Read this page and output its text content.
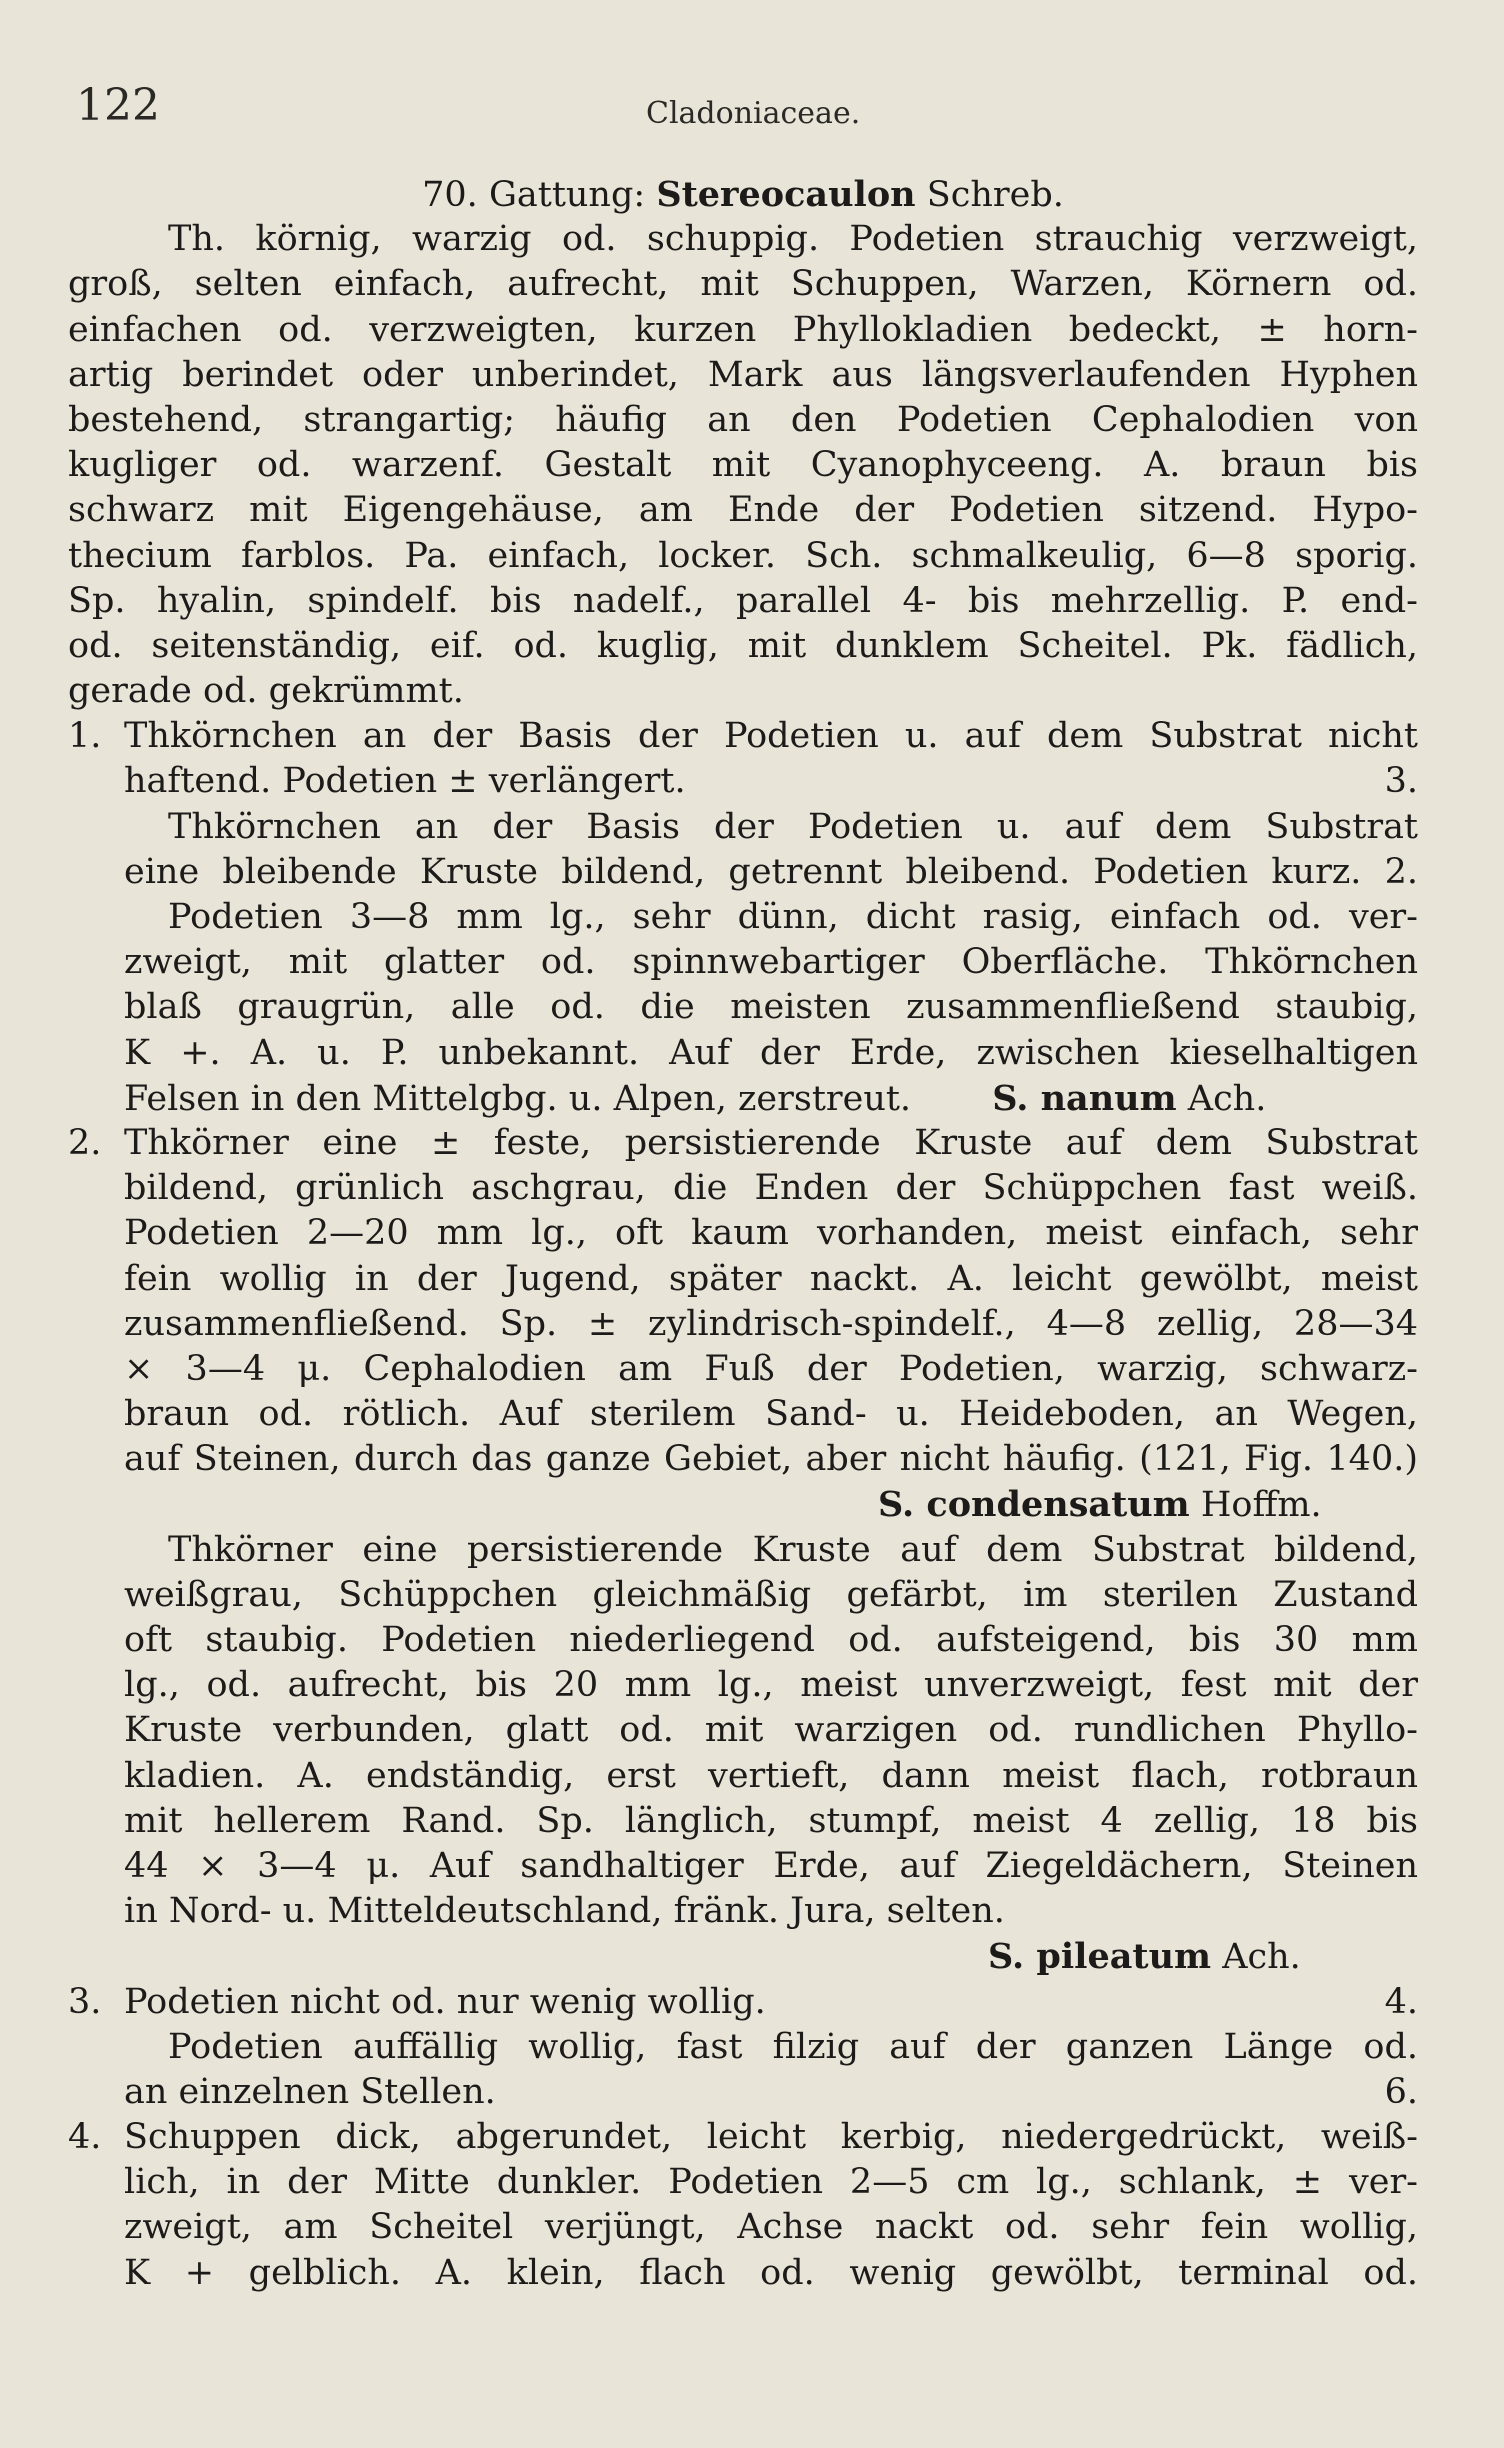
122	Cladoniaceae.
70. Gattung: Stereocaulon Schreb.
Th. körnig, warzig od. schuppig. Podetien strauchig verzweigt,
groß, selten einfach, aufrecht, mit Schuppen, Warzen, Körnern od.
einfachen od. verzweigten, kurzen Phyllokladien bedeckt, ± horn-
artig berindet oder unberindet, Mark aus längsverlaufenden Hyphen
bestehend, strangartig; häufig an den Podetien Cephalodien von
kugliger od. warzenf. Gestalt mit Cyanophyceeng. A. braun bis
schwarz mit Eigengehäuse, am Ende der Podetien sitzend. Hypo-
thecium farblos. Pa. einfach, locker. Sch. schmalkeulig, 6—8 sporig.
Sp. hyalin, spindelf. bis nadelf., parallel 4- bis mehrzellig. P. end-
od. seitenständig, eif. od. kuglig, mit dunklem Scheitel. Pk. fädlich,
gerade od. gekrümmt.
1. Thkörnchen an der Basis der Podetien u. auf dem Substrat nicht
haftend. Podetien ± verlängert.	3.
Thkörnchen an der Basis der Podetien u. auf dem Substrat
eine bleibende Kruste bildend, getrennt bleibend. Podetien kurz. 2.
Podetien 3—8 mm lg., sehr dünn, dicht rasig, einfach od. ver-
zweigt, mit glatter od. spinnwebartiger Oberfläche. Thkörnchen
blaß graugrün, alle od. die meisten zusammenfließend staubig,
K +. A. u. P. unbekannt. Auf der Erde, zwischen kieselhaltigen
Felsen in den Mittelgbg. u. Alpen, zerstreut. S. nanum Ach.
2. Thkörner eine ± feste, persistierende Kruste auf dem Substrat
bildend, grünlich aschgrau, die Enden der Schüppchen fast weiß.
Podetien 2—20 mm lg., oft kaum vorhanden, meist einfach, sehr
fein wollig in der Jugend, später nackt. A. leicht gewölbt, meist
zusammenfließend. Sp. ± zylindrisch-spindelf., 4—8 zellig, 28—34
× 3—4 μ. Cephalodien am Fuß der Podetien, warzig, schwarz-
braun od. rötlich. Auf sterilem Sand- u. Heideboden, an Wegen,
auf Steinen, durch das ganze Gebiet, aber nicht häufig. (121, Fig. 140.)
S. condensatum Hoffm.
Thkörner eine persistierende Kruste auf dem Substrat bildend,
weißgrau, Schüppchen gleichmäßig gefärbt, im sterilen Zustand
oft staubig. Podetien niederliegend od. aufsteigend, bis 30 mm
lg., od. aufrecht, bis 20 mm lg., meist unverzweigt, fest mit der
Kruste verbunden, glatt od. mit warzigen od. rundlichen Phyllo-
kladien. A. endständig, erst vertieft, dann meist flach, rotbraun
mit hellerem Rand. Sp. länglich, stumpf, meist 4 zellig, 18 bis
44 × 3—4 μ. Auf sandhaltiger Erde, auf Ziegeldächern, Steinen
in Nord- u. Mitteldeutschland, fränk. Jura, selten.
S. pileatum Ach.
3. Podetien nicht od. nur wenig wollig.	4.
Podetien auffällig wollig, fast filzig auf der ganzen Länge od.
an einzelnen Stellen.	6.
4. Schuppen dick, abgerundet, leicht kerbig, niedergedrückt, weiß-
lich, in der Mitte dunkler. Podetien 2—5 cm lg., schlank, ± ver-
zweigt, am Scheitel verjüngt, Achse nackt od. sehr fein wollig,
K + gelblich. A. klein, flach od. wenig gewölbt, terminal od.
